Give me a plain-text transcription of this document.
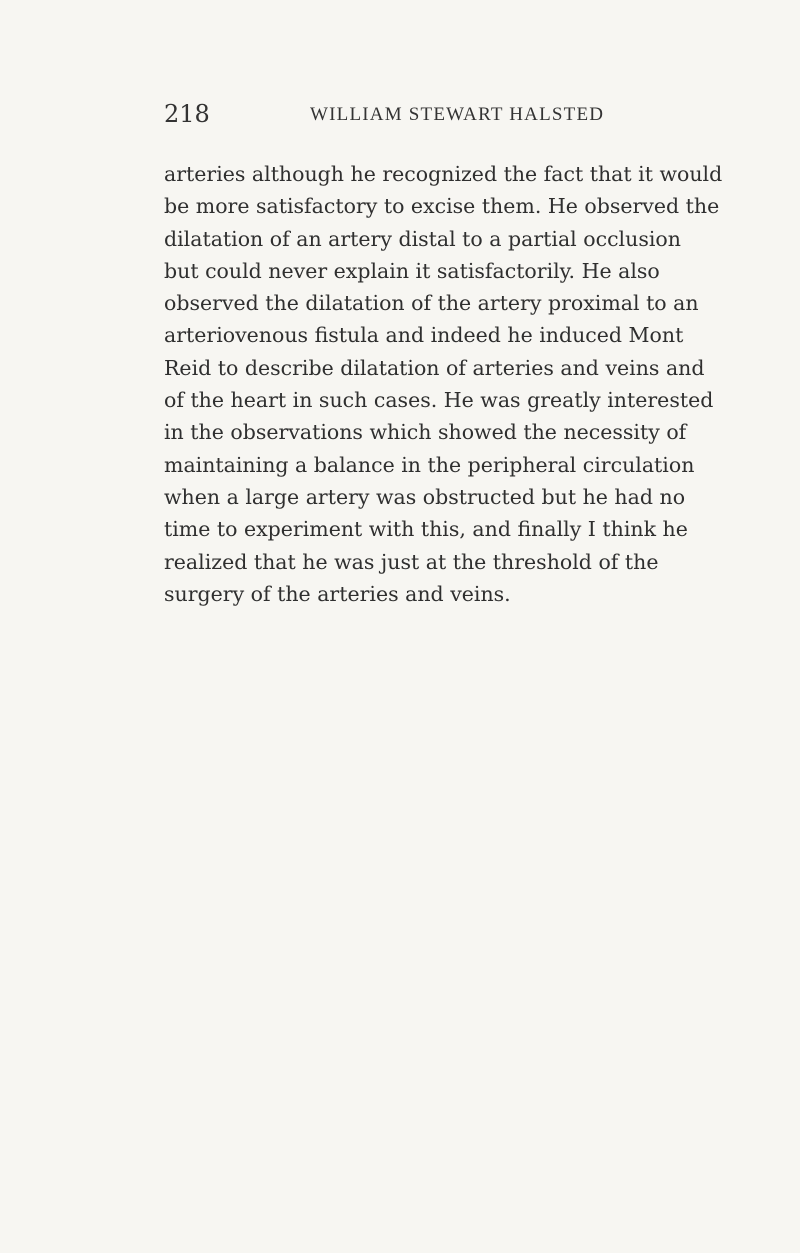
218	WILLIAM STEWART HALSTED
arteries although he recognized the fact that it would
be more satisfactory to excise them. He observed the
dilatation of an artery distal to a partial occlusion
but could never explain it satisfactorily. He also
observed the dilatation of the artery proximal to an
arteriovenous fistula and indeed he induced Mont
Reid to describe dilatation of arteries and veins and
of the heart in such cases. He was greatly interested
in the observations which showed the necessity of
maintaining a balance in the peripheral circulation
when a large artery was obstructed but he had no
time to experiment with this, and finally I think he
realized that he was just at the threshold of the
surgery of the arteries and veins.
